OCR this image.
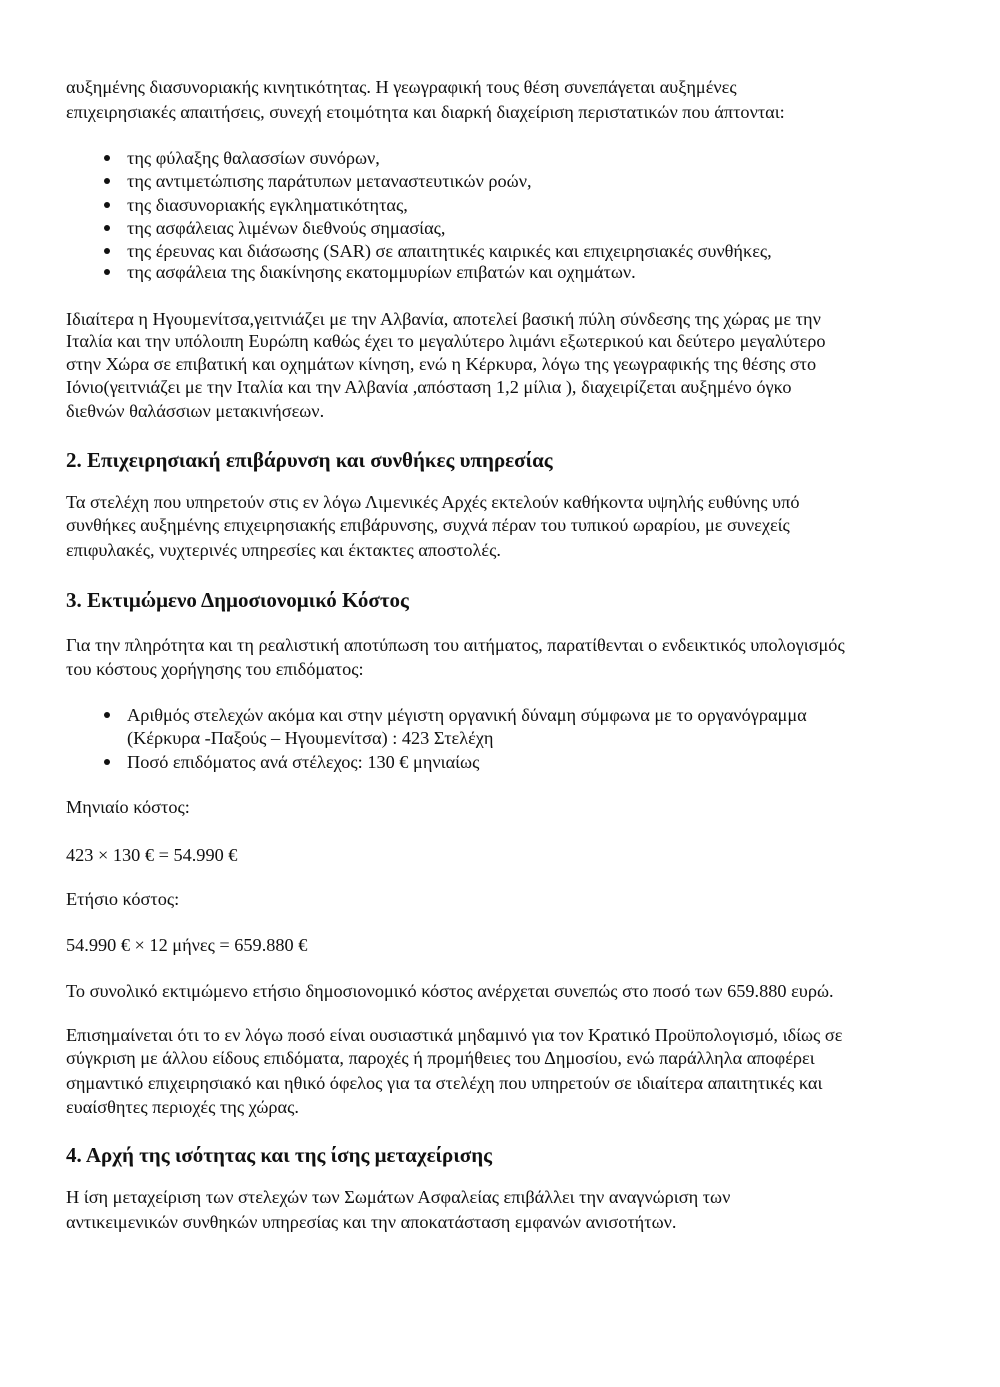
αυξημένης διασυνοριακής κινητικότητας. Η γεωγραφική τους θέση συνεπάγεται αυξημένες
επιχειρησιακές απαιτήσεις, συνεχή ετοιμότητα και διαρκή διαχείριση περιστατικών που άπτονται:
της φύλαξης θαλασσίων συνόρων,
της αντιμετώπισης παράτυπων μεταναστευτικών ροών,
της διασυνοριακής εγκληματικότητας,
της ασφάλειας λιμένων διεθνούς σημασίας,
της έρευνας και διάσωσης (SAR) σε απαιτητικές καιρικές και επιχειρησιακές συνθήκες,
της ασφάλεια της διακίνησης εκατομμυρίων επιβατών και οχημάτων.
Ιδιαίτερα η Ηγουμενίτσα,γειτνιάζει με την Αλβανία, αποτελεί βασική πύλη σύνδεσης της χώρας με την
Ιταλία και την υπόλοιπη Ευρώπη καθώς έχει το μεγαλύτερο λιμάνι εξωτερικού και δεύτερο μεγαλύτερο
στην Χώρα σε επιβατική και οχημάτων κίνηση, ενώ η Κέρκυρα, λόγω της γεωγραφικής της θέσης στο
Ιόνιο(γειτνιάζει με την Ιταλία και την Αλβανία ,απόσταση 1,2 μίλια ), διαχειρίζεται αυξημένο όγκο
διεθνών θαλάσσιων μετακινήσεων.
2. Επιχειρησιακή επιβάρυνση και συνθήκες υπηρεσίας
Τα στελέχη που υπηρετούν στις εν λόγω Λιμενικές Αρχές εκτελούν καθήκοντα υψηλής ευθύνης υπό
συνθήκες αυξημένης επιχειρησιακής επιβάρυνσης, συχνά πέραν του τυπικού ωραρίου, με συνεχείς
επιφυλακές, νυχτερινές υπηρεσίες και έκτακτες αποστολές.
3. Εκτιμώμενο Δημοσιονομικό Κόστος
Για την πληρότητα και τη ρεαλιστική αποτύπωση του αιτήματος, παρατίθενται ο ενδεικτικός υπολογισμός
του κόστους χορήγησης του επιδόματος:
Αριθμός στελεχών ακόμα και στην μέγιστη οργανική δύναμη σύμφωνα με το οργανόγραμμα
(Κέρκυρα -Παξούς – Ηγουμενίτσα) : 423 Στελέχη
Ποσό επιδόματος ανά στέλεχος: 130 € μηνιαίως
Μηνιαίο κόστος:
423 × 130 € = 54.990 €
Ετήσιο κόστος:
54.990 € × 12 μήνες = 659.880 €
Το συνολικό εκτιμώμενο ετήσιο δημοσιονομικό κόστος ανέρχεται συνεπώς στο ποσό των 659.880 ευρώ.
Επισημαίνεται ότι το εν λόγω ποσό είναι ουσιαστικά μηδαμινό για τον Κρατικό Προϋπολογισμό, ιδίως σε
σύγκριση με άλλου είδους επιδόματα, παροχές ή προμήθειες του Δημοσίου, ενώ παράλληλα αποφέρει
σημαντικό επιχειρησιακό και ηθικό όφελος για τα στελέχη που υπηρετούν σε ιδιαίτερα απαιτητικές και
ευαίσθητες περιοχές της χώρας.
4. Αρχή της ισότητας και της ίσης μεταχείρισης
Η ίση μεταχείριση των στελεχών των Σωμάτων Ασφαλείας επιβάλλει την αναγνώριση των
αντικειμενικών συνθηκών υπηρεσίας και την αποκατάσταση εμφανών ανισοτήτων.
